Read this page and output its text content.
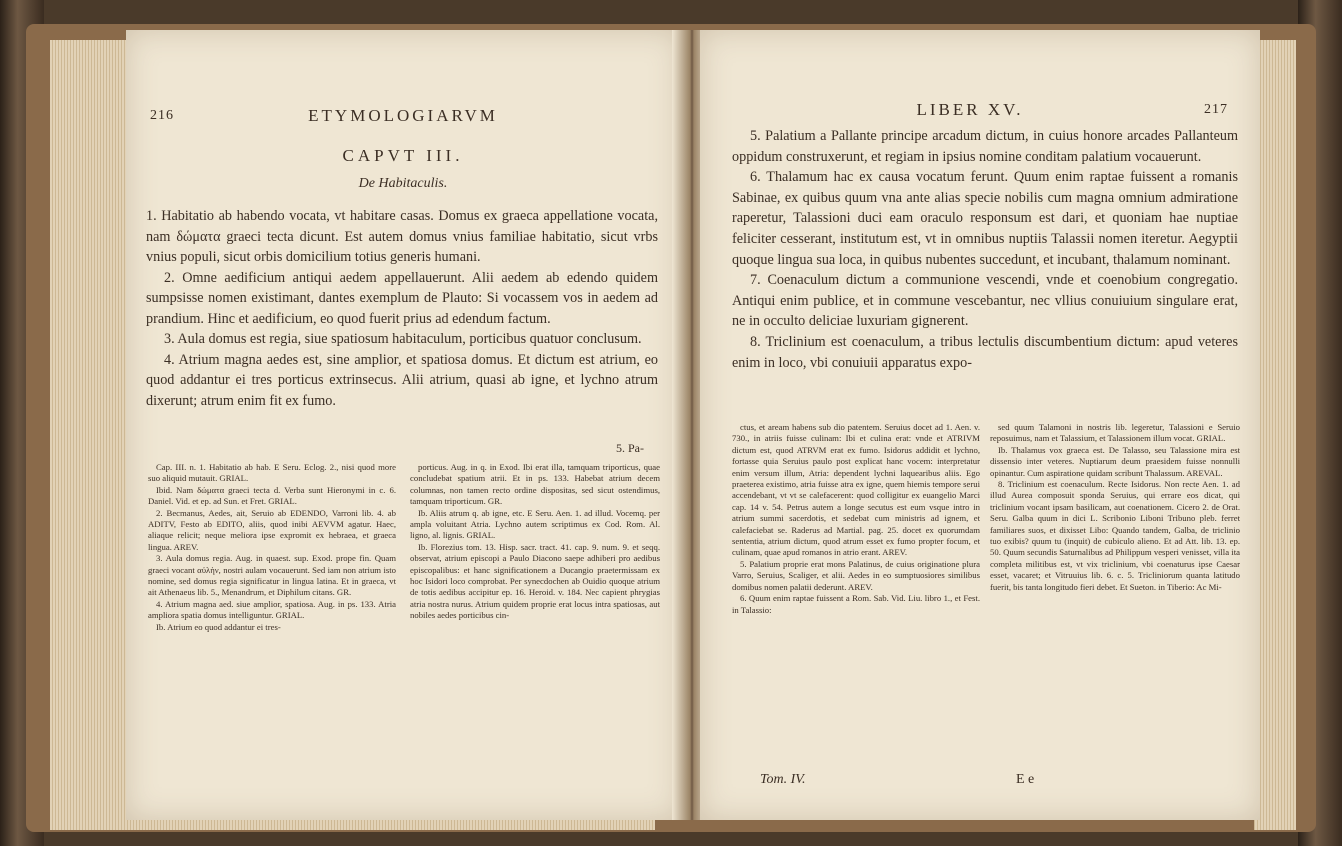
216	ETYMOLOGIARVM
CAPVT III.
De Habitaculis.

1. Habitatio ab habendo vocata, vt habitare casas. Domus ex graeca appellatione vocata, nam δώματα graeci tecta dicunt. Est autem domus vnius familiae habitatio, sicut vrbs vnius populi, sicut orbis domicilium totius generis humani.

2. Omne aedificium antiqui aedem appellauerunt. Alii aedem ab edendo quidem sumpsisse nomen existimant, dantes exemplum de Plauto: Si vocassem vos in aedem ad prandium. Hinc et aedificium, eo quod fuerit prius ad edendum factum.

3. Aula domus est regia, siue spatiosum habitaculum, porticibus quatuor conclusum.

4. Atrium magna aedes est, sine amplior, et spatiosa domus. Et dictum est atrium, eo quod addantur ei tres porticus extrinsecus. Alii atrium, quasi ab igne, et lychno atrum dixerunt; atrum enim fit ex fumo.

5. Pa-

Cap. III. n. 1. Habitatio ab hab. E Seru. Eclog. 2., nisi quod more suo aliquid mutauit. GRIAL.

Ibid. Nam δώματα graeci tecta d. Verba sunt Hieronymi in c. 6. Daniel. Vid. et ep. ad Sun. et Fret. GRIAL.

2. Becmanus, Aedes, ait, Seruio ab EDENDO, Varroni lib. 4. ab ADITV, Festo ab EDITO, aliis, quod inibi AEVVM agatur. Haec, aliaque relicit; neque meliora ipse expromit ex hebraea, et graeca lingua. AREV.

3. Aula domus regia. Aug. in quaest. sup. Exod. prope fin. Quam graeci vocant αὐλὴν, nostri aulam vocauerunt. Sed iam non atrium isto nomine, sed domus regia significatur in lingua latina. Et in graeca, vt ait Athenaeus lib. 5., Menandrum, et Diphilum citans. GR.

4. Atrium magna aed. siue amplior, spatiosa. Aug. in ps. 133. Atria ampliora spatia domus intelliguntur. GRIAL.

Ib. Atrium eo quod addantur ei tres-

porticus. Aug. in q. in Exod. Ibi erat illa, tamquam triporticus, quae concludebat spatium atrii. Et in ps. 133. Habebat atrium decem columnas, non tamen recto ordine dispositas, sed sicut ostendimus, tamquam triporticum. GR.

Ib. Aliis atrum q. ab igne, etc. E Seru. Aen. 1. ad illud. Vocemq. per ampla voluitant Atria. Lychno autem scriptimus ex Cod. Rom. Al. ligno, al. lignis. GRIAL.

Ib. Florezius tom. 13. Hisp. sacr. tract. 41. cap. 9. num. 9. et seqq. observat, atrium episcopi a Paulo Diacono saepe adhiberi pro aedibus episcopalibus: et hanc significationem a Ducangio praetermissam ex hoc Isidori loco comprobat. Per synecdochen ab Ouidio quoque atrium de totis aedibus accipitur ep. 16. Heroid. v. 184. Nec capient phrygias atria nostra nurus. Atrium quidem proprie erat locus intra spatiosas, aut nobiles aedes porticibus cin-

LIBER XV.	217

5. Palatium a Pallante principe arcadum dictum, in cuius honore arcades Pallanteum oppidum construxerunt, et regiam in ipsius nomine conditam palatium vocauerunt.

6. Thalamum hac ex causa vocatum ferunt. Quum enim raptae fuissent a romanis Sabinae, ex quibus quum vna ante alias specie nobilis cum magna omnium admiratione raperetur, Talassioni duci eam oraculo responsum est dari, et quoniam hae nuptiae feliciter cesserant, institutum est, vt in omnibus nuptiis Talassii nomen iteretur. Aegyptii quoque lingua sua loca, in quibus nubentes succedunt, et incubant, thalamum nominant.

7. Coenaculum dictum a communione vescendi, vnde et coenobium congregatio. Antiqui enim publice, et in commune vescebantur, nec vllius conuiuium singulare erat, ne in occulto deliciae luxuriam gignerent.

8. Triclinium est coenaculum, a tribus lectulis discumbentium dictum: apud veteres enim in loco, vbi conuiuii apparatus expo-

ctus, et aream habens sub dio patentem. Seruius docet ad 1. Aen. v. 730., in atriis fuisse culinam: Ibi et culina erat: vnde et ATRIVM dictum est, quod ATRVM erat ex fumo. Isidorus addidit et lychno, fortasse quia Seruius paulo post explicat hanc vocem: interpretatur enim versum illum, Atria: dependent lychni laquearibus aliis. Ego praeterea existimo, atria fuisse atra ex igne, quem hiemis tempore serui accendebant, vt vt se calefacerent: quod colligitur ex euangelio Marci cap. 14 v. 54. Petrus autem a longe secutus est eum vsque intro in atrium summi sacerdotis, et sedebat cum ministris ad ignem, et calefaciebat se. Raderus ad Martial. pag. 25. docet ex quorumdam sententia, atrium dictum, quod atrum esset ex fumo propter focum, et culinam, quae apud romanos in atrio erant. AREV.

5. Palatium proprie erat mons Palatinus, de cuius originatione plura Varro, Seruius, Scaliger, et alii. Aedes in eo sumptuosiores similibus domibus nomen palatii dederunt. AREV.

6. Quum enim raptae fuissent a Rom. Sab. Vid. Liu. libro 1., et Fest. in Talassio:

sed quum Talamoni in nostris lib. legeretur, Talassioni e Seruio reposuimus, nam et Talassium, et Talassionem illum vocat. GRIAL.

Ib. Thalamus vox graeca est. De Talasso, seu Talassione mira est dissensio inter veteres. Nuptiarum deum praesidem fuisse nonnulli opinantur. Cum aspiratione quidam scribunt Thalassum. AREVAL.

8. Triclinium est coenaculum. Recte Isidorus. Non recte Aen. 1. ad illud Aurea composuit sponda Seruius, qui errare eos dicat, qui triclinium vocant ipsam basilicam, aut coenationem. Cicero 2. de Orat. Seru. Galba quum in dici L. Scribonio Liboni Tribuno pleb. ferret familiares suos, et dixisset Libo: Quando tandem, Galba, de triclinio tuo exibis? quum tu (inquit) de cubiculo alieno. Et ad Att. lib. 13. ep. 50. Quum secundis Saturnalibus ad Philippum vesperi venisset, villa ita completa militibus est, vt vix triclinium, vbi coenaturus ipse Caesar esset, vacaret; et Vitruuius lib. 6. c. 5. Tricliniorum quanta latitudo fuerit, bis tanta longitudo fieri debet. Et Sueton. in Tiberio: Ac Mi-

Tom. IV.	E e
